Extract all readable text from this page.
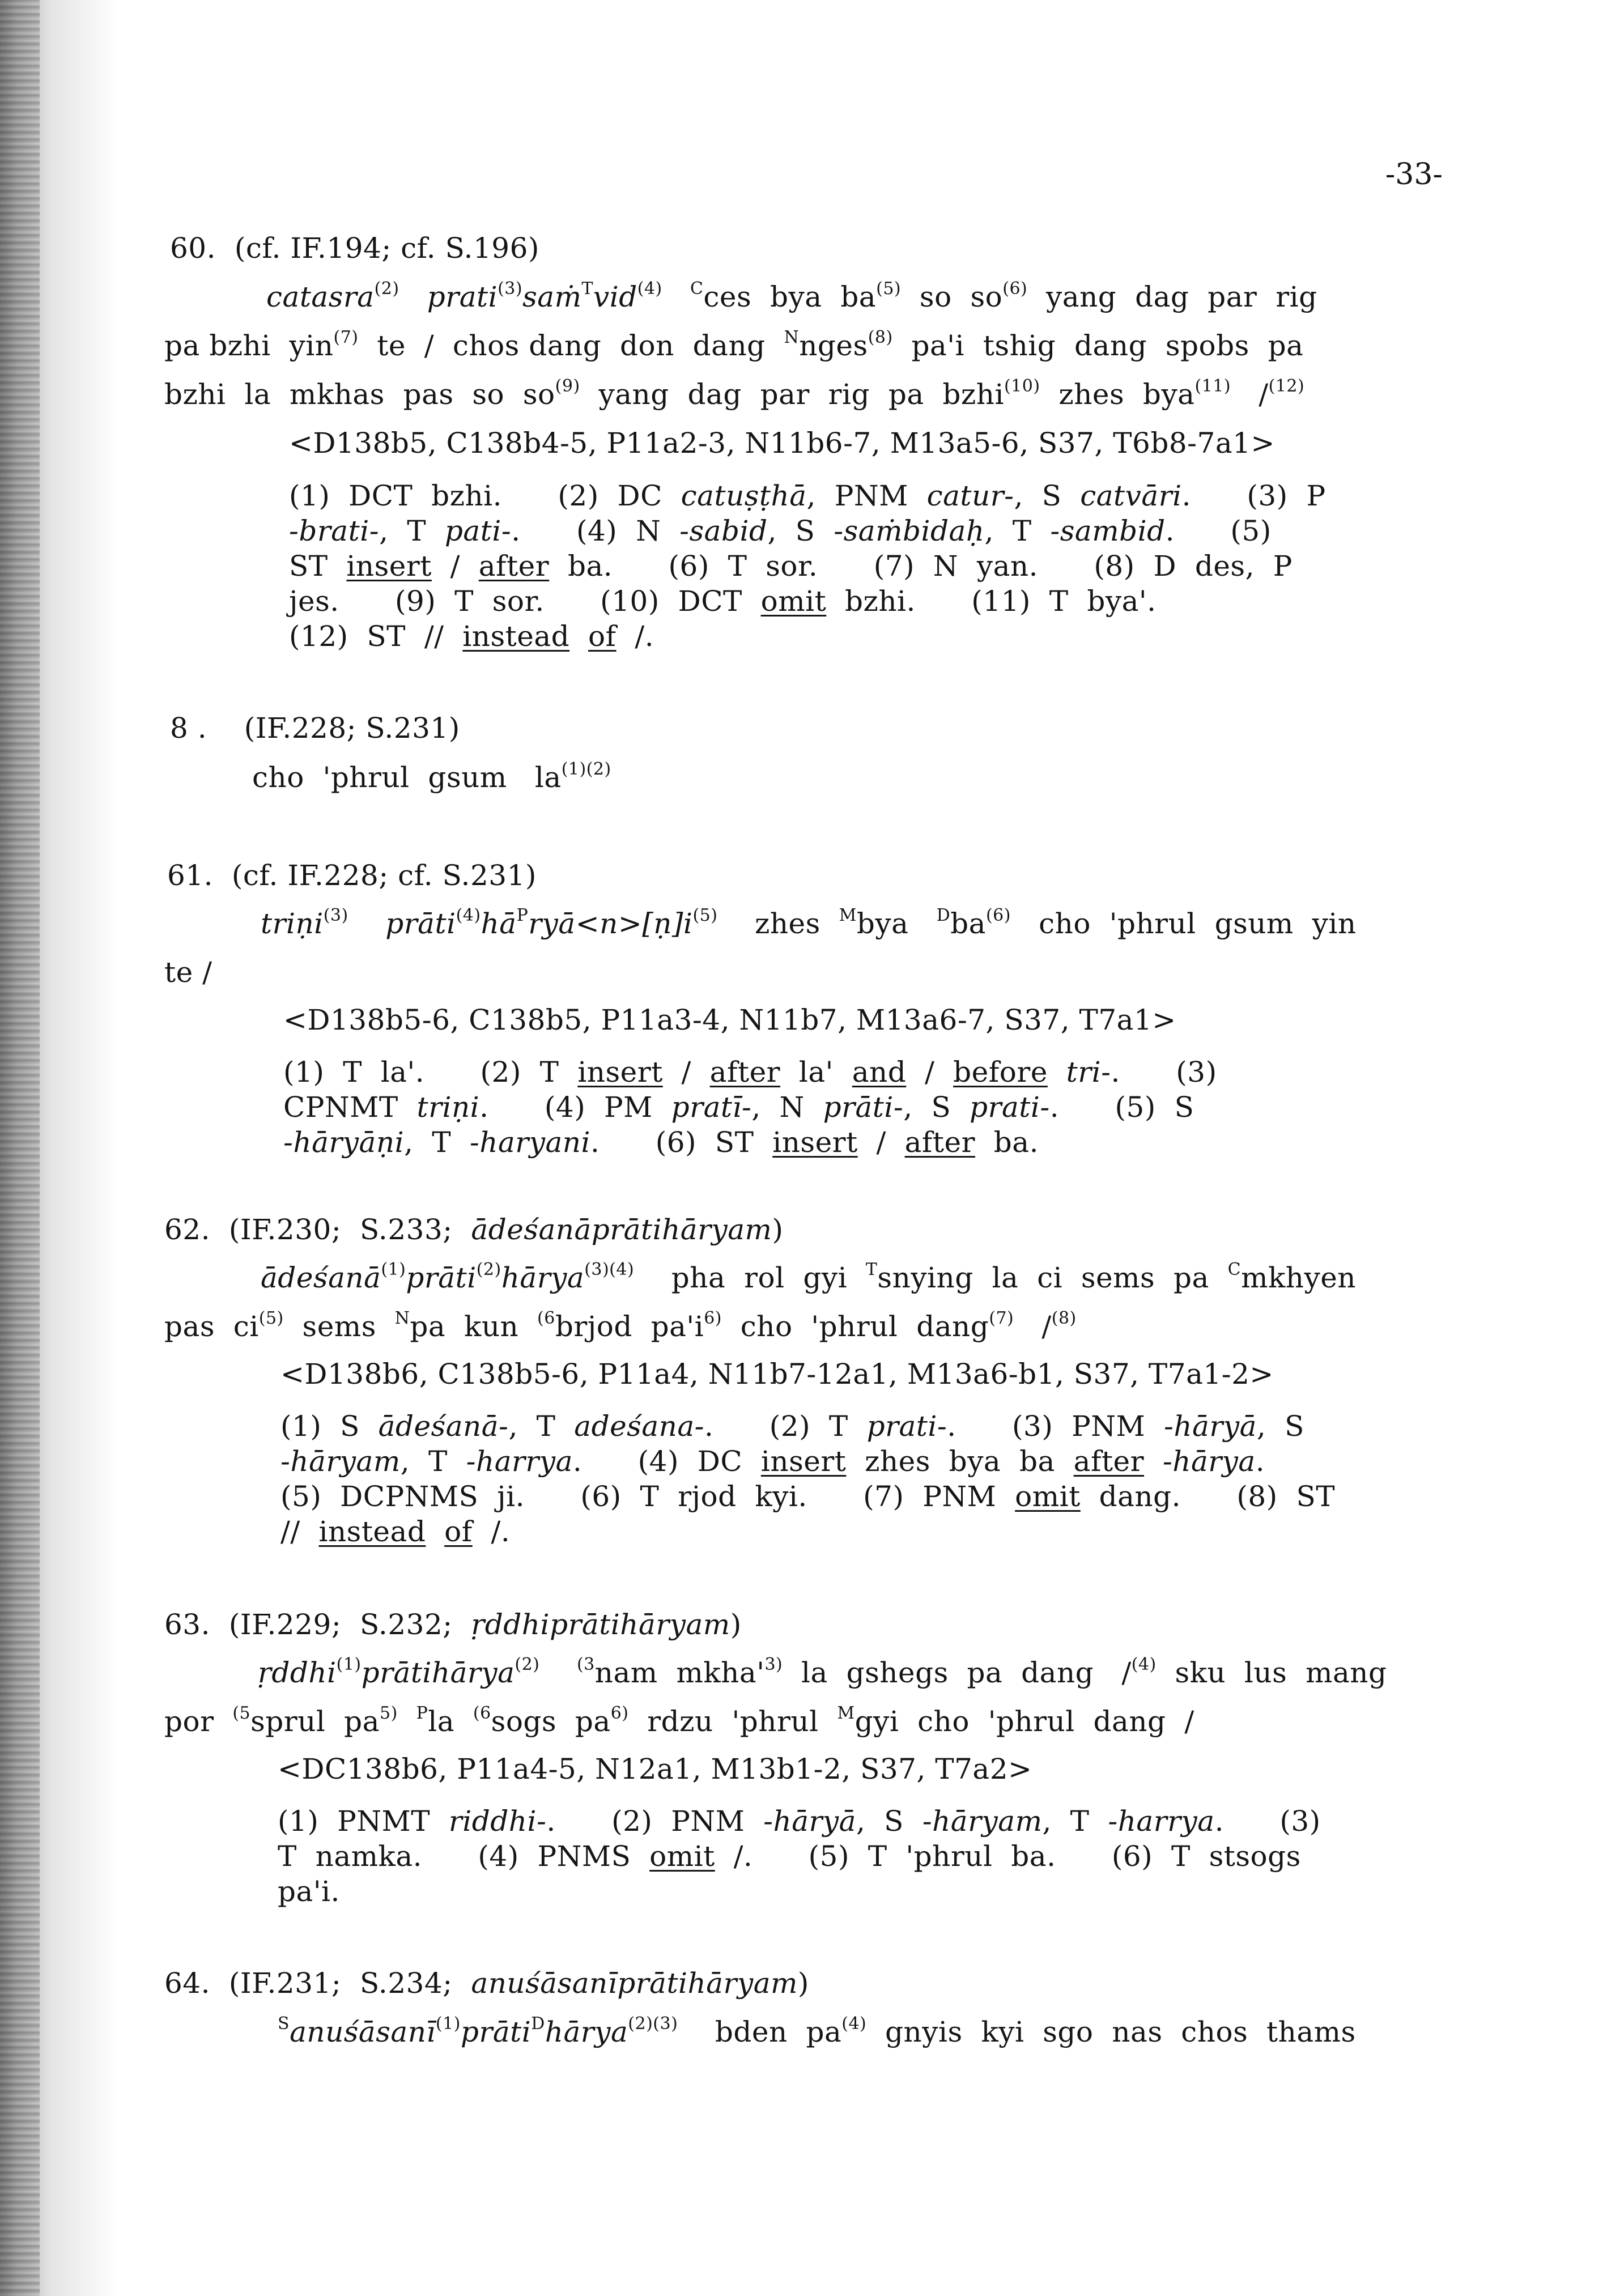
-33-
60. (cf. IF.194; cf. S.196)
catasra$^{(2)}$ prati$^{(3)}$saṁ$^T$vid$^{(4)}$ $^C$ces  bya  $ba^{(5)}$  so  $so^{(6)}$  yang  dag  par  rig
pa bzhi  yin$^{(7)}$  te  /  chos dang  don  dang  $^N$nges$^{(8)}$  pa'i  tshig  dang  spobs  pa
bzhi  la  mkhas  pas  so  $so^{(9)}$  yang  dag  par  rig  pa  bzhi$^{(10)}$  zhes  bya$^{(11)}$   /$^{(12)}$
<D138b5, C138b4-5, P11a2-3, N11b6-7, M13a5-6, S37, T6b8-7a1>
(1)  DCT  bzhi.      (2)  DC  catuṣṭhā,  PNM  catur-,  S  catvāri.      (3)  P
-brati-,  T  pati-.      (4)  N  -sabid,  S  -saṁbidaḥ,  T  -sambid.      (5)
ST  insert  /  after  ba.      (6)  T  sor.      (7)  N  yan.      (8)  D  des,  P
jes.      (9)  T  sor.      (10)  DCT  omit  bzhi.      (11)  T  bya'.
(12)  ST  //  instead of  /.
8 . (IF.228; S.231)
cho  'phrul  gsum   $la^{(1)(2)}$
61. (cf. IF.228; cf. S.231)
triṇi$^{(3)}$ $prāti^{(4)}hā^Pryā<n>[ṇ]i^{(5)}$    zhes  $^M$bya   $^Dba^{(6)}$   cho  'phrul  gsum  yin
te /
<D138b5-6, C138b5, P11a3-4, N11b7, M13a6-7, S37, T7a1>
(1)  T  la'.      (2)  T  insert  /  after  la'  and  /  before tri-.      (3)
CPNMT  triṇi.      (4)  PM  pratī-,  N  prāti-,  S  prati-.      (5)  S
-hāryāṇi,  T  -haryani.      (6)  ST  insert  /  after  ba.
62. (IF.230;  S.233;  ādeśanāprātihāryam)
ādeśanā$^{(1)}$prāti$^{(2)}$hārya$^{(3)(4)}$    pha  rol  gyi  $^T$snying  la  ci  sems  pa  $^C$mkhyen
pas  $ci^{(5)}$  sems  $^N$pa  kun  $^{(6}$brjod  $pa'i^{6)}$  cho  'phrul  dang$^{(7)}$   /$^{(8)}$
<D138b6, C138b5-6, P11a4, N11b7-12a1, M13a6-b1, S37, T7a1-2>
(1)  S  ādeśanā-,  T  adeśana-.      (2)  T  prati-.      (3)  PNM  -hāryā,  S
-hāryam,  T  -harrya.      (4)  DC  insert  zhes  bya  ba  after -hārya.
(5)  DCPNMS  ji.      (6)  T  rjod  kyi.      (7)  PNM  omit  dang.      (8)  ST
//  instead of  /.
63. (IF.229;  S.232;  ṛddhiprātihāryam)
ṛddhi$^{(1)}$prātihārya$^{(2)}$ $^{(3}$nam  $mkha'^{3)}$  la  gshegs  pa  dang   /$^{(4)}$  sku  lus  mang
por  $^{(5}$sprul  $pa^{5)}$ $^P$la  $^{(6}$sogs  $pa^{6)}$  rdzu  'phrul  $^M$gyi  cho  'phrul  dang  /
<DC138b6, P11a4-5, N12a1, M13b1-2, S37, T7a2>
(1)  PNMT  riddhi-.      (2)  PNM  -hāryā,  S  -hāryam,  T  -harrya.      (3)
T  namka.      (4)  PNMS  omit  /.      (5)  T  'phrul  ba.      (6)  T  stsogs
pa'i.
64. (IF.231;  S.234;  anuśāsanīprātihāryam)
$^S$anuśāsanī$^{(1)}$prāti$^D$hārya$^{(2)(3)}$    bden  $pa^{(4)}$  gnyis  kyi  sgo  nas  chos  thams
